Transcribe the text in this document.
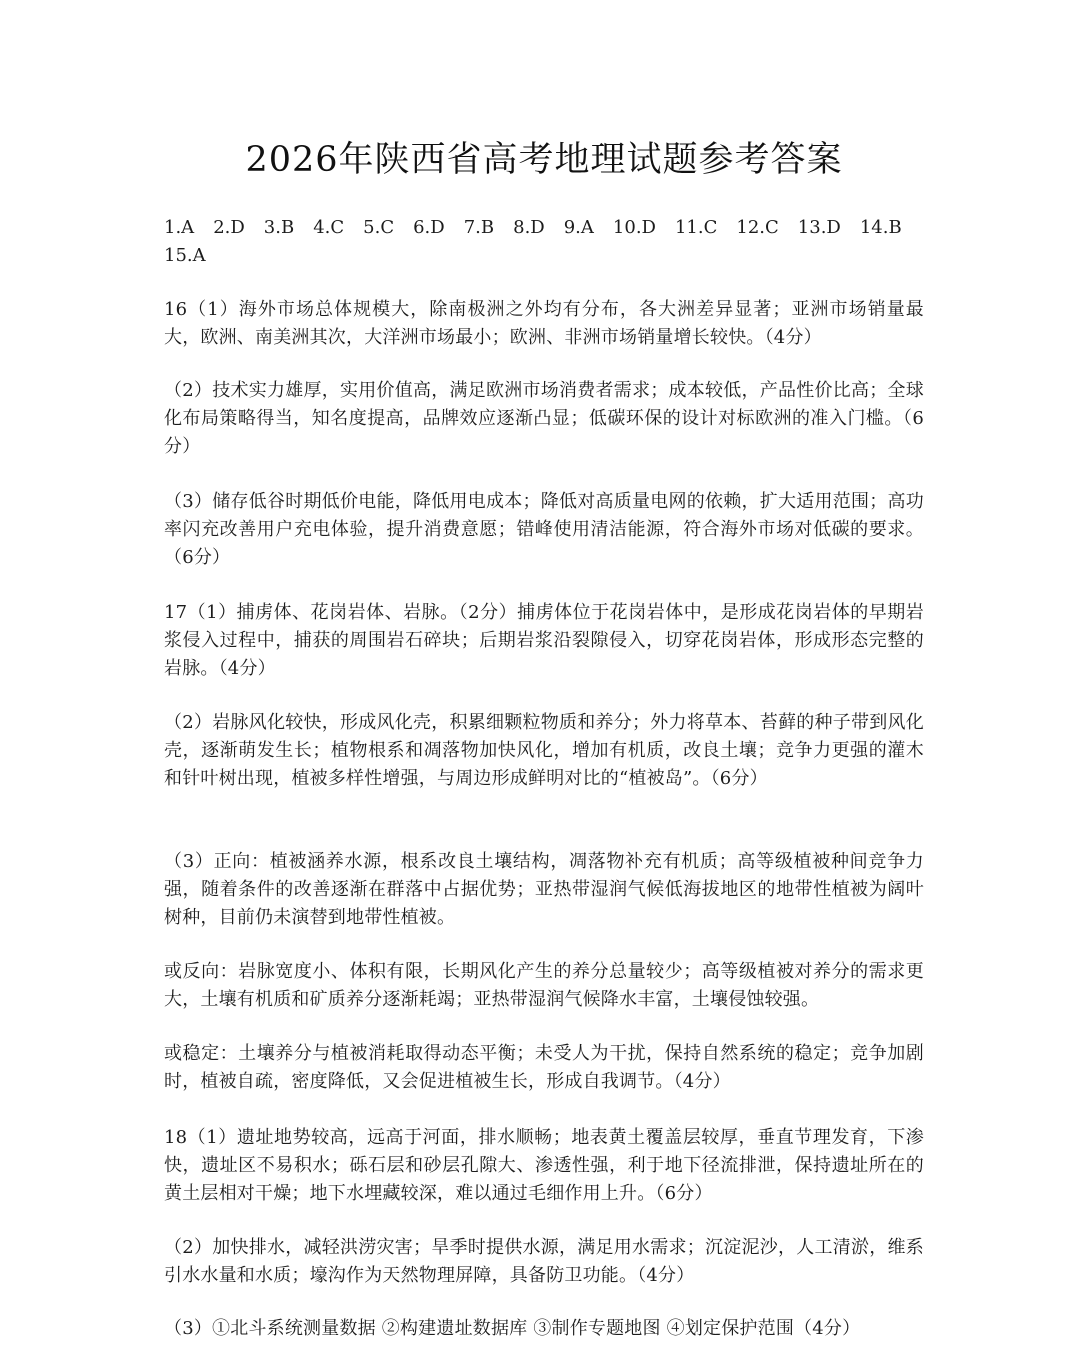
2026年陕西省高考地理试题参考答案
1.A 2.D 3.B 4.C 5.C 6.D 7.B 8.D 9.A 10.D 11.C 12.C 13.D 14.B
15.A
16（1）海外市场总体规模大，除南极洲之外均有分布，各大洲差异显著；亚洲市场销量最大，欧洲、南美洲其次，大洋洲市场最小；欧洲、非洲市场销量增长较快。（4分）
（2）技术实力雄厚，实用价值高，满足欧洲市场消费者需求；成本较低，产品性价比高；全球化布局策略得当，知名度提高，品牌效应逐渐凸显；低碳环保的设计对标欧洲的准入门槛。（6分）
（3）储存低谷时期低价电能，降低用电成本；降低对高质量电网的依赖，扩大适用范围；高功率闪充改善用户充电体验，提升消费意愿；错峰使用清洁能源，符合海外市场对低碳的要求。（6分）
17（1）捕虏体、花岗岩体、岩脉。（2分）捕虏体位于花岗岩体中，是形成花岗岩体的早期岩浆侵入过程中，捕获的周围岩石碎块；后期岩浆沿裂隙侵入，切穿花岗岩体，形成形态完整的岩脉。（4分）
（2）岩脉风化较快，形成风化壳，积累细颗粒物质和养分；外力将草本、苔藓的种子带到风化壳，逐渐萌发生长；植物根系和凋落物加快风化，增加有机质，改良土壤；竞争力更强的灌木和针叶树出现，植被多样性增强，与周边形成鲜明对比的“植被岛”。（6分）
（3）正向：植被涵养水源，根系改良土壤结构，凋落物补充有机质；高等级植被种间竞争力强，随着条件的改善逐渐在群落中占据优势；亚热带湿润气候低海拔地区的地带性植被为阔叶树种，目前仍未演替到地带性植被。
或反向：岩脉宽度小、体积有限，长期风化产生的养分总量较少；高等级植被对养分的需求更大，土壤有机质和矿质养分逐渐耗竭；亚热带湿润气候降水丰富，土壤侵蚀较强。
或稳定：土壤养分与植被消耗取得动态平衡；未受人为干扰，保持自然系统的稳定；竞争加剧时，植被自疏，密度降低，又会促进植被生长，形成自我调节。（4分）
18（1）遗址地势较高，远高于河面，排水顺畅；地表黄土覆盖层较厚，垂直节理发育，下渗快，遗址区不易积水；砾石层和砂层孔隙大、渗透性强，利于地下径流排泄，保持遗址所在的黄土层相对干燥；地下水埋藏较深，难以通过毛细作用上升。（6分）
（2）加快排水，减轻洪涝灾害；旱季时提供水源，满足用水需求；沉淀泥沙，人工清淤，维系引水水量和水质；壕沟作为天然物理屏障，具备防卫功能。（4分）
（3）①北斗系统测量数据 ②构建遗址数据库 ③制作专题地图 ④划定保护范围（4分）
